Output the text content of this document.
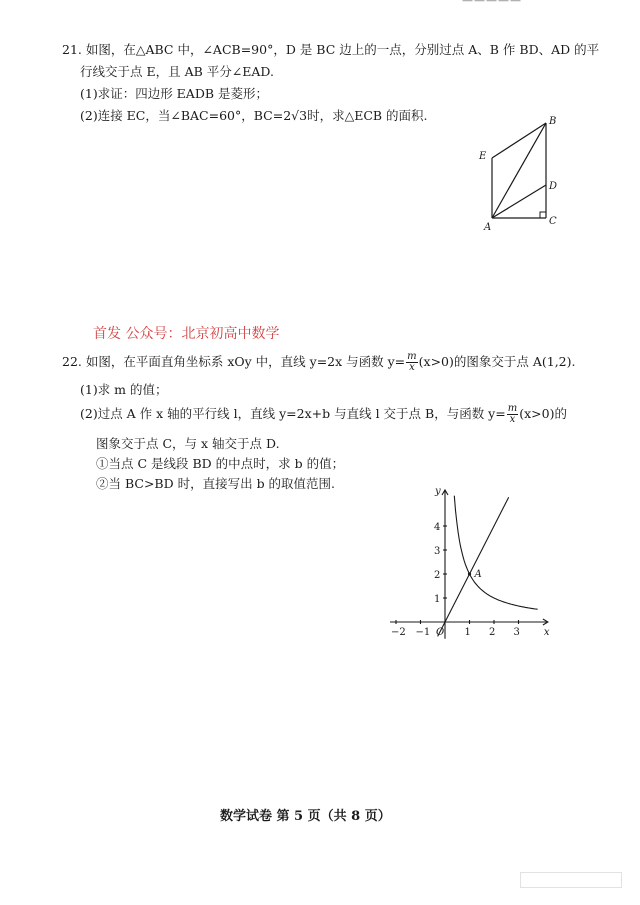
—————
21. 如图，在△ABC 中，∠ACB=90°，D 是 BC 边上的一点，分别过点 A、B 作 BD、AD 的平
行线交于点 E，且 AB 平分∠EAD.
(1)求证：四边形 EADB 是菱形；
(2)连接 EC，当∠BAC=60°，BC=2√3时，求△ECB 的面积.	B
E
D
A
C
首发 公众号：北京初高中数学
22. 如图，在平面直角坐标系 xOy 中，直线 y=2x 与函数 $y= \frac{m}{x} (x>0)$的图象交于点 A(1,2).
(1)求 m 的值；
(2)过点 A 作 x 轴的平行线 l，直线 y=2x+b 与直线 l 交于点 B，与函数 $y= \frac{m}{x} (x>0)$的
图象交于点 C，与 x 轴交于点 D.
①当点 C 是线段 BD 的中点时，求 b 的值；
②当 BC>BD 时，直接写出 b 的取值范围.
−2 −1	1 2 3
1
2
3
4
x
y
O
A
数学试卷 第 5 页（共 8 页）
